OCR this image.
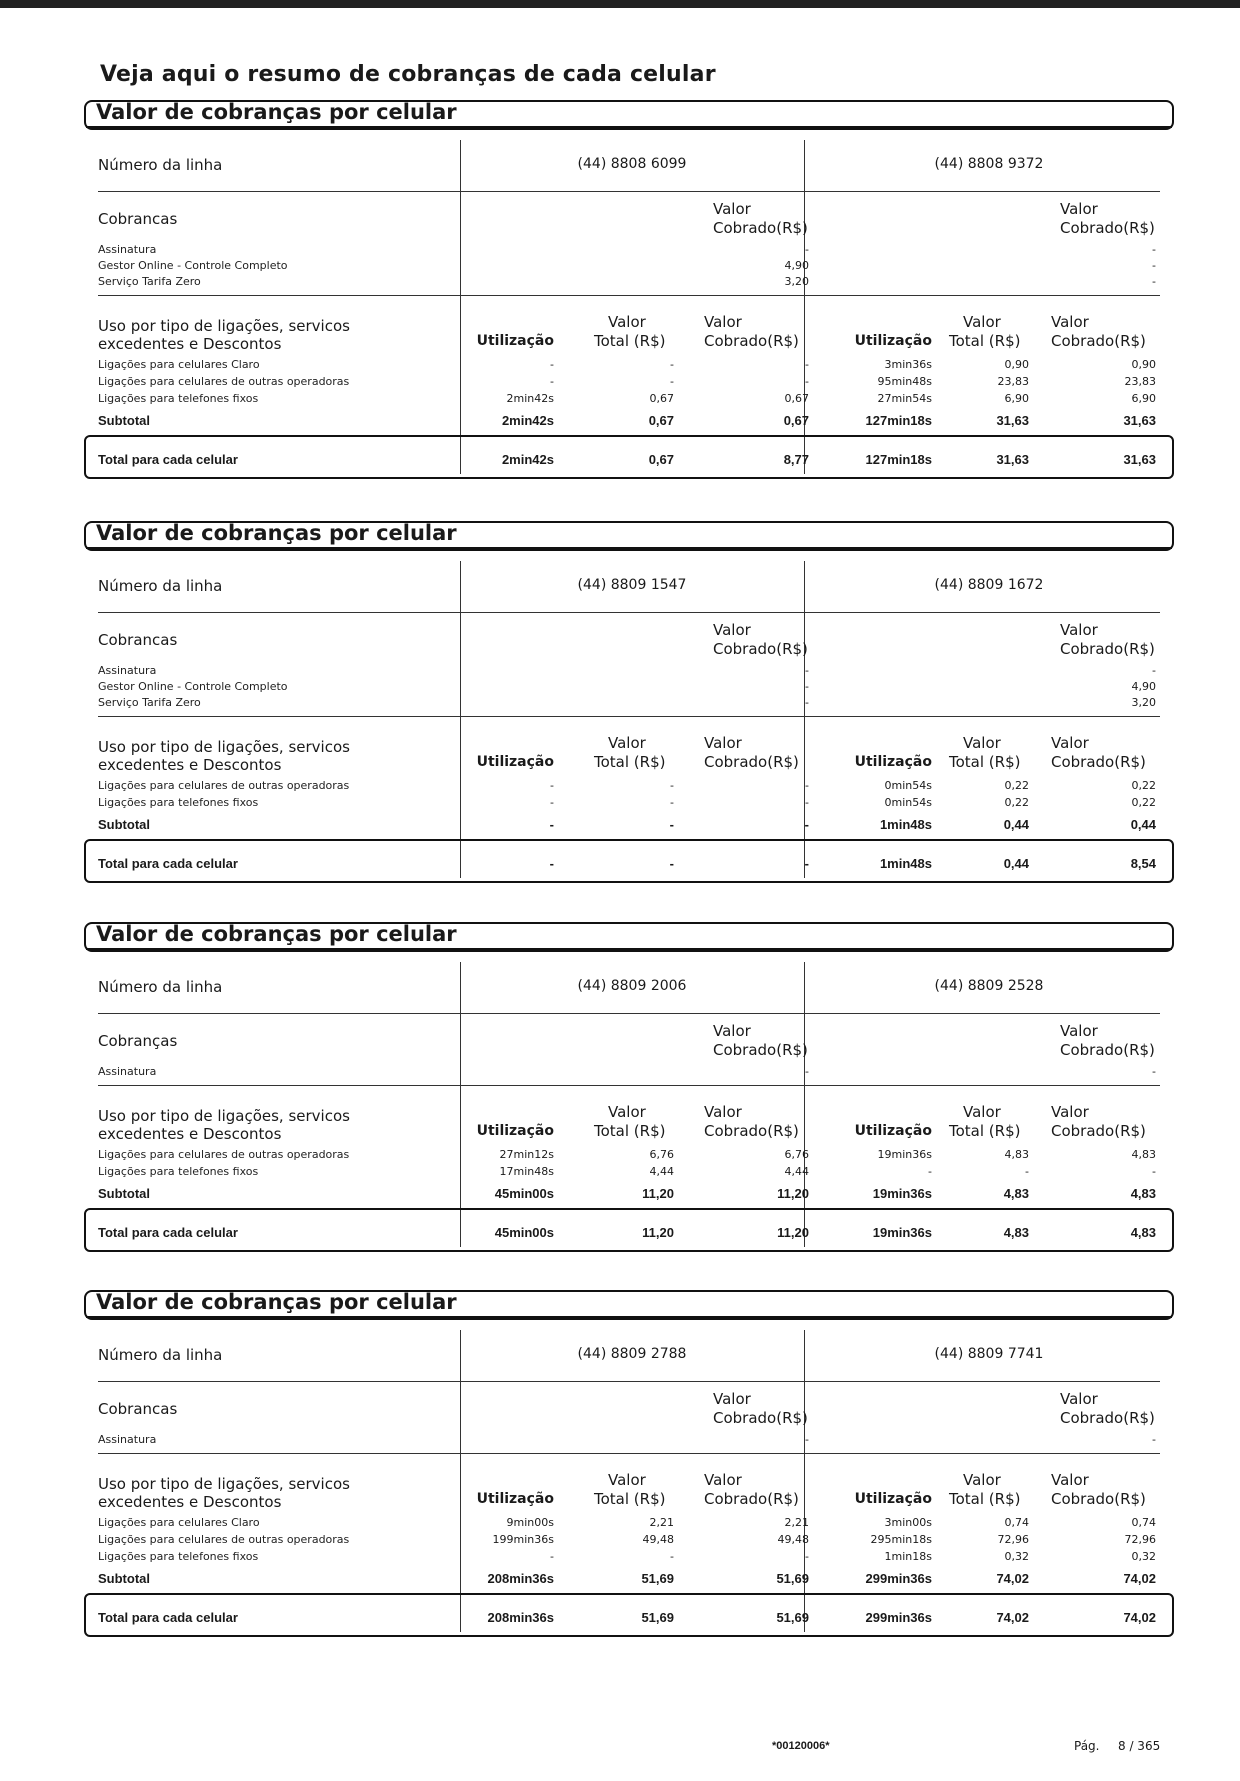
Veja aqui o resumo de cobranças de cada celular
Valor de cobranças por celular
Número da linha	(44) 8808 6099	(44) 8808 9372
Cobrancas
Valor
Cobrado(R$)
Valor
Cobrado(R$)
Assinatura	-	-
Gestor Online - Controle Completo	4,90	-
Serviço Tarifa Zero	3,20	-
Uso por tipo de ligações, servicos
excedentes e Descontos	Utilização
Valor
Total (R$)
Valor
Cobrado(R$)	Utilização
Valor
Total (R$)
Valor
Cobrado(R$)
Ligações para celulares Claro	-	-	-	3min36s	0,90	0,90
Ligações para celulares de outras operadoras	-	-	-	95min48s	23,83	23,83
Ligações para telefones fixos	2min42s	0,67	0,67	27min54s	6,90	6,90
Subtotal	2min42s	0,67	0,67	127min18s	31,63	31,63
Total para cada celular	2min42s	0,67	8,77	127min18s	31,63	31,63
Valor de cobranças por celular
Número da linha	(44) 8809 1547	(44) 8809 1672
Cobrancas
Valor
Cobrado(R$)
Valor
Cobrado(R$)
Assinatura	-	-
Gestor Online - Controle Completo	-	4,90
Serviço Tarifa Zero	-	3,20
Uso por tipo de ligações, servicos
excedentes e Descontos	Utilização
Valor
Total (R$)
Valor
Cobrado(R$)	Utilização
Valor
Total (R$)
Valor
Cobrado(R$)
Ligações para celulares de outras operadoras	-	-	-	0min54s	0,22	0,22
Ligações para telefones fixos	-	-	-	0min54s	0,22	0,22
Subtotal	-	-	-	1min48s	0,44	0,44
Total para cada celular	-	-	-	1min48s	0,44	8,54
Valor de cobranças por celular
Número da linha	(44) 8809 2006	(44) 8809 2528
Cobranças
Valor
Cobrado(R$)
Valor
Cobrado(R$)
Assinatura	-	-
Uso por tipo de ligações, servicos
excedentes e Descontos	Utilização
Valor
Total (R$)
Valor
Cobrado(R$)	Utilização
Valor
Total (R$)
Valor
Cobrado(R$)
Ligações para celulares de outras operadoras	27min12s	6,76	6,76	19min36s	4,83	4,83
Ligações para telefones fixos	17min48s	4,44	4,44	-	-	-
Subtotal	45min00s	11,20	11,20	19min36s	4,83	4,83
Total para cada celular	45min00s	11,20	11,20	19min36s	4,83	4,83
Valor de cobranças por celular
Número da linha	(44) 8809 2788	(44) 8809 7741
Cobrancas
Valor
Cobrado(R$)
Valor
Cobrado(R$)
Assinatura	-	-
Uso por tipo de ligações, servicos
excedentes e Descontos	Utilização
Valor
Total (R$)
Valor
Cobrado(R$)	Utilização
Valor
Total (R$)
Valor
Cobrado(R$)
Ligações para celulares Claro	9min00s	2,21	2,21	3min00s	0,74	0,74
Ligações para celulares de outras operadoras	199min36s	49,48	49,48	295min18s	72,96	72,96
Ligações para telefones fixos	-	-	-	1min18s	0,32	0,32
Subtotal	208min36s	51,69	51,69	299min36s	74,02	74,02
Total para cada celular	208min36s	51,69	51,69	299min36s	74,02	74,02
*00120006*	Pág. 8 / 365
